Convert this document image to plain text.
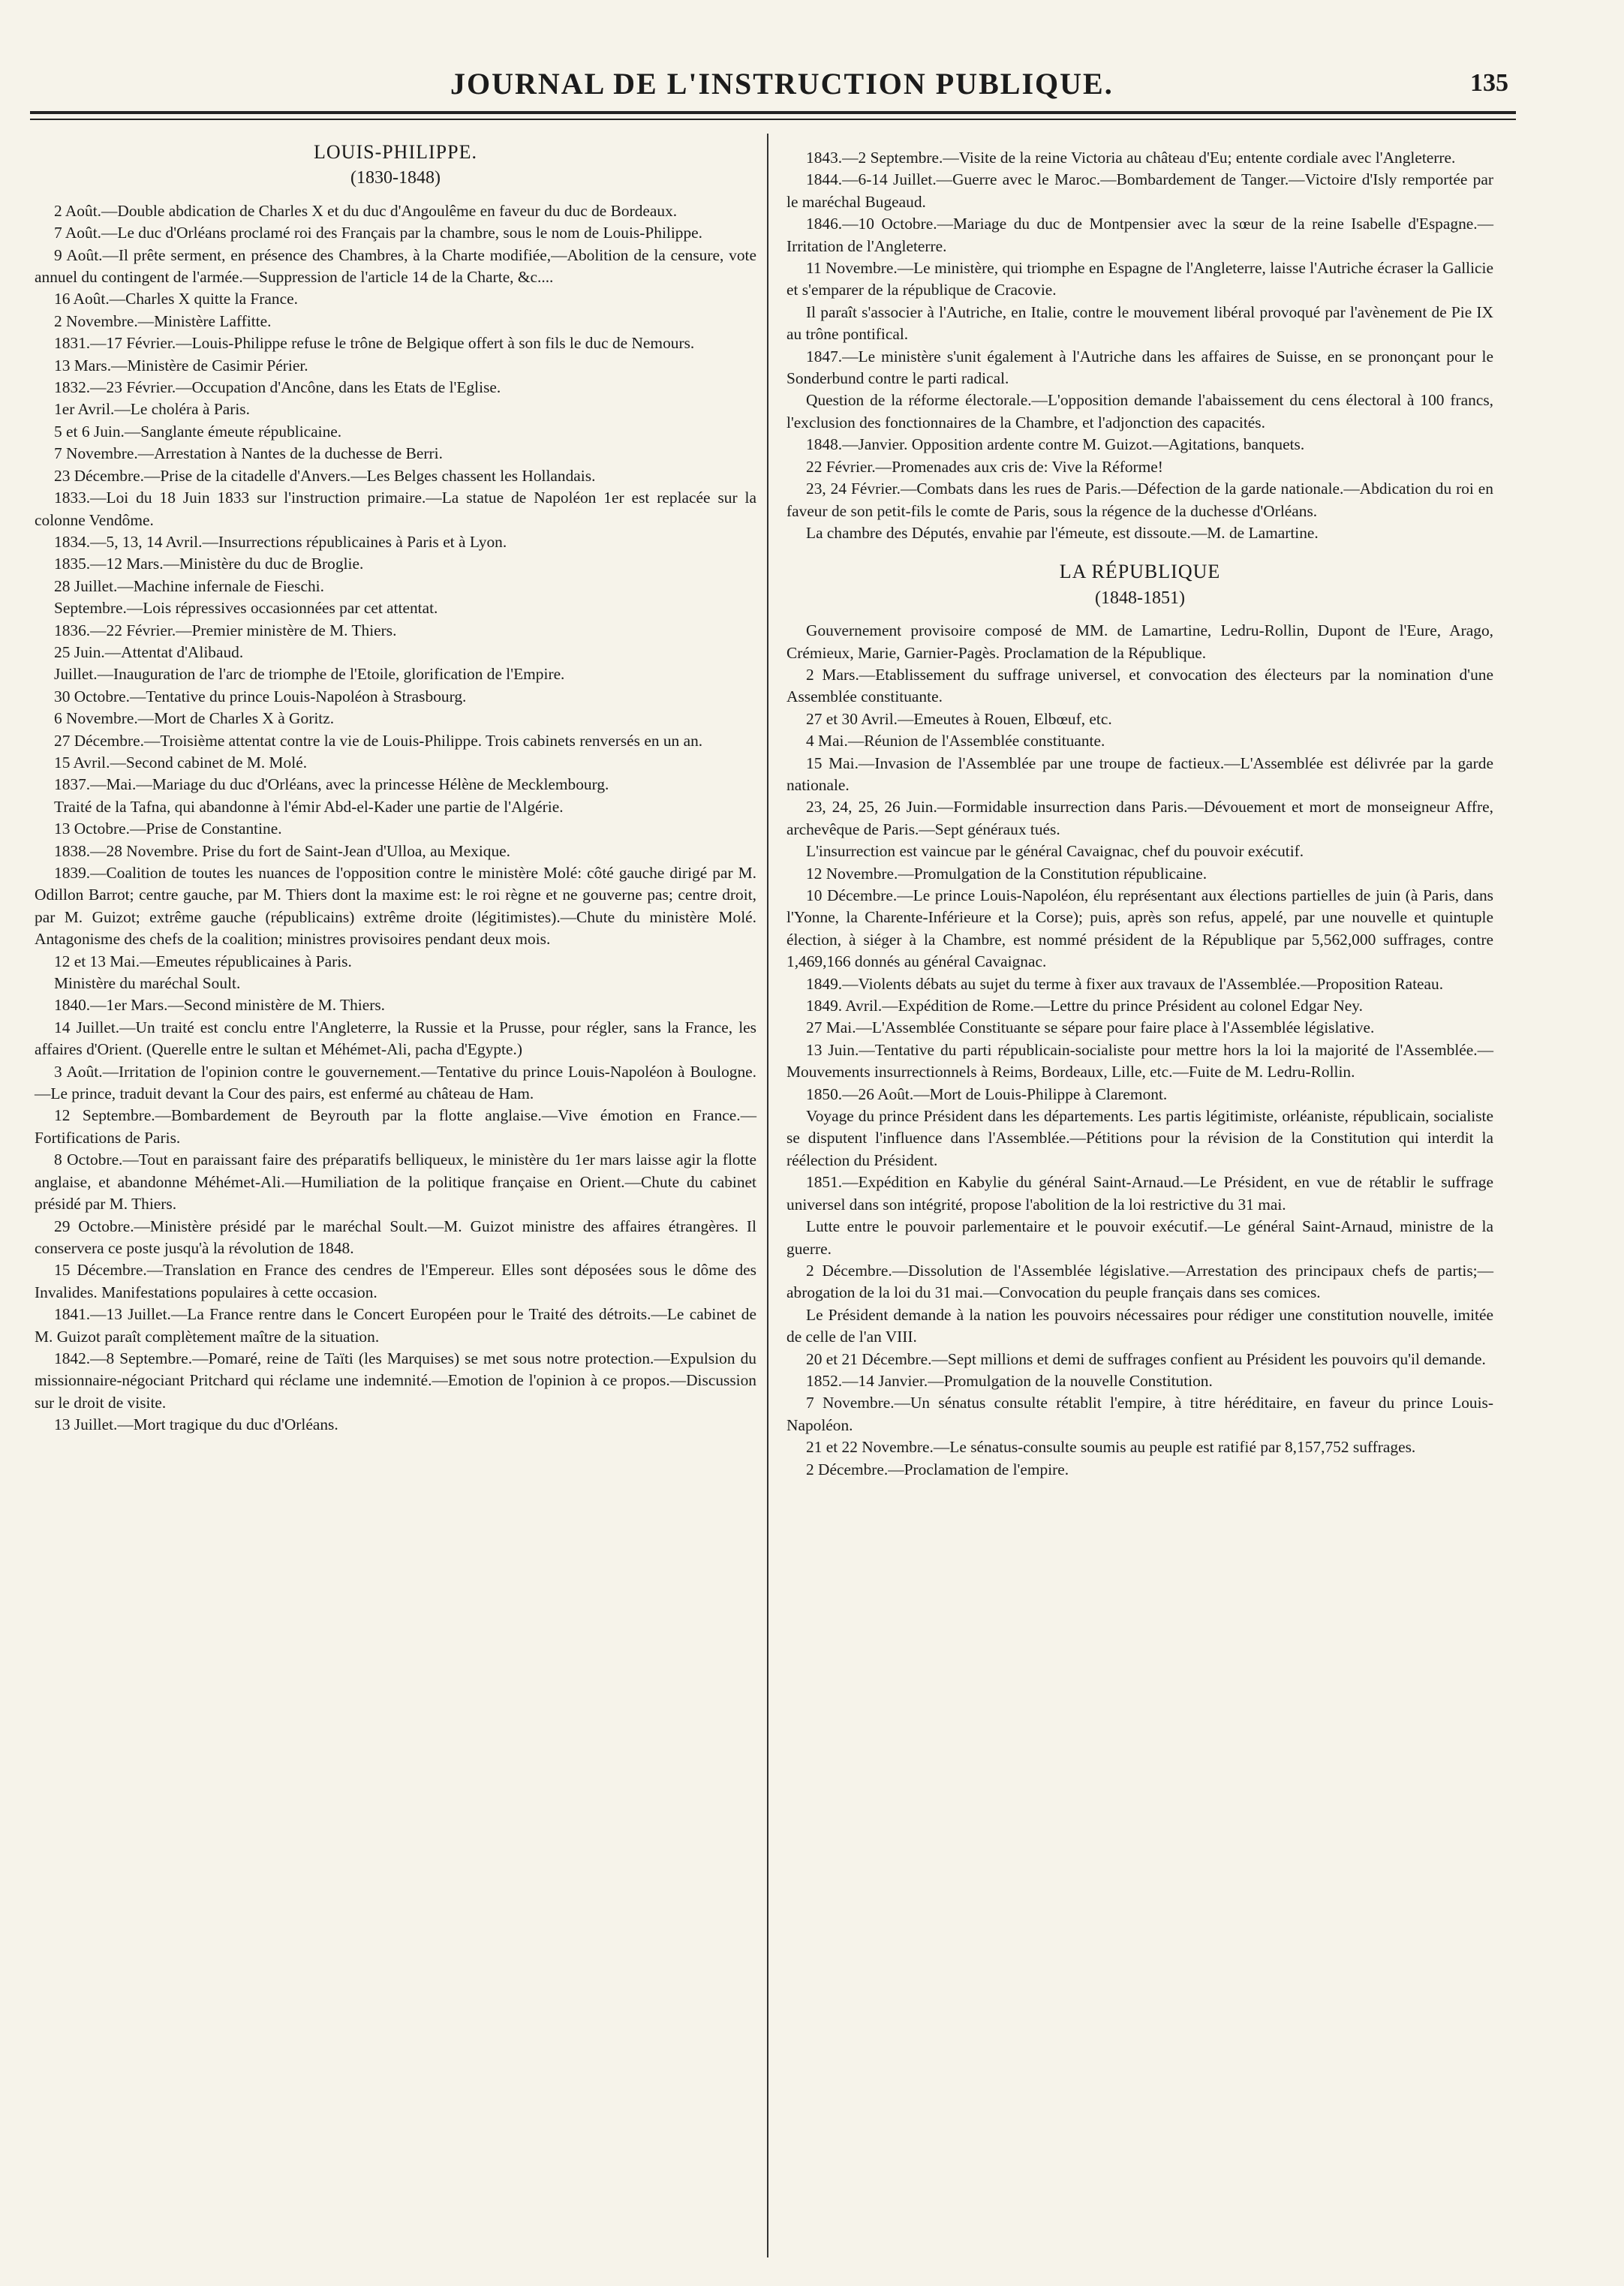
JOURNAL DE L'INSTRUCTION PUBLIQUE.	135
LOUIS-PHILIPPE.
(1830-1848)

2 Août.—Double abdication de Charles X et du duc d'Angoulême en faveur du duc de Bordeaux.

7 Août.—Le duc d'Orléans proclamé roi des Français par la chambre, sous le nom de Louis-Philippe.

9 Août.—Il prête serment, en présence des Chambres, à la Charte modifiée,—Abolition de la censure, vote annuel du contingent de l'armée.—Suppression de l'article 14 de la Charte, &c....

16 Août.—Charles X quitte la France.

2 Novembre.—Ministère Laffitte.

1831.—17 Février.—Louis-Philippe refuse le trône de Belgique offert à son fils le duc de Nemours.

13 Mars.—Ministère de Casimir Périer.

1832.—23 Février.—Occupation d'Ancône, dans les Etats de l'Eglise.

1er Avril.—Le choléra à Paris.

5 et 6 Juin.—Sanglante émeute républicaine.

7 Novembre.—Arrestation à Nantes de la duchesse de Berri.

23 Décembre.—Prise de la citadelle d'Anvers.—Les Belges chassent les Hollandais.

1833.—Loi du 18 Juin 1833 sur l'instruction primaire.—La statue de Napoléon 1er est replacée sur la colonne Vendôme.

1834.—5, 13, 14 Avril.—Insurrections républicaines à Paris et à Lyon.

1835.—12 Mars.—Ministère du duc de Broglie.

28 Juillet.—Machine infernale de Fieschi.

Septembre.—Lois répressives occasionnées par cet attentat.

1836.—22 Février.—Premier ministère de M. Thiers.

25 Juin.—Attentat d'Alibaud.

Juillet.—Inauguration de l'arc de triomphe de l'Etoile, glorification de l'Empire.

30 Octobre.—Tentative du prince Louis-Napoléon à Strasbourg.

6 Novembre.—Mort de Charles X à Goritz.

27 Décembre.—Troisième attentat contre la vie de Louis-Philippe. Trois cabinets renversés en un an.

15 Avril.—Second cabinet de M. Molé.

1837.—Mai.—Mariage du duc d'Orléans, avec la princesse Hélène de Mecklembourg.

Traité de la Tafna, qui abandonne à l'émir Abd-el-Kader une partie de l'Algérie.

13 Octobre.—Prise de Constantine.

1838.—28 Novembre. Prise du fort de Saint-Jean d'Ulloa, au Mexique.

1839.—Coalition de toutes les nuances de l'opposition contre le ministère Molé: côté gauche dirigé par M. Odillon Barrot; centre gauche, par M. Thiers dont la maxime est: le roi règne et ne gouverne pas; centre droit, par M. Guizot; extrême gauche (républicains) extrême droite (légitimistes).—Chute du ministère Molé. Antagonisme des chefs de la coalition; ministres provisoires pendant deux mois.

12 et 13 Mai.—Emeutes républicaines à Paris.

Ministère du maréchal Soult.

1840.—1er Mars.—Second ministère de M. Thiers.

14 Juillet.—Un traité est conclu entre l'Angleterre, la Russie et la Prusse, pour régler, sans la France, les affaires d'Orient. (Querelle entre le sultan et Méhémet-Ali, pacha d'Egypte.)

3 Août.—Irritation de l'opinion contre le gouvernement.—Tentative du prince Louis-Napoléon à Boulogne.—Le prince, traduit devant la Cour des pairs, est enfermé au château de Ham.

12 Septembre.—Bombardement de Beyrouth par la flotte anglaise.—Vive émotion en France.—Fortifications de Paris.

8 Octobre.—Tout en paraissant faire des préparatifs belliqueux, le ministère du 1er mars laisse agir la flotte anglaise, et abandonne Méhémet-Ali.—Humiliation de la politique française en Orient.—Chute du cabinet présidé par M. Thiers.

29 Octobre.—Ministère présidé par le maréchal Soult.—M. Guizot ministre des affaires étrangères. Il conservera ce poste jusqu'à la révolution de 1848.

15 Décembre.—Translation en France des cendres de l'Empereur. Elles sont déposées sous le dôme des Invalides. Manifestations populaires à cette occasion.

1841.—13 Juillet.—La France rentre dans le Concert Européen pour le Traité des détroits.—Le cabinet de M. Guizot paraît complètement maître de la situation.

1842.—8 Septembre.—Pomaré, reine de Taïti (les Marquises) se met sous notre protection.—Expulsion du missionnaire-négociant Pritchard qui réclame une indemnité.—Emotion de l'opinion à ce propos.—Discussion sur le droit de visite.

13 Juillet.—Mort tragique du duc d'Orléans.

1843.—2 Septembre.—Visite de la reine Victoria au château d'Eu; entente cordiale avec l'Angleterre.

1844.—6-14 Juillet.—Guerre avec le Maroc.—Bombardement de Tanger.—Victoire d'Isly remportée par le maréchal Bugeaud.

1846.—10 Octobre.—Mariage du duc de Montpensier avec la sœur de la reine Isabelle d'Espagne.—Irritation de l'Angleterre.

11 Novembre.—Le ministère, qui triomphe en Espagne de l'Angleterre, laisse l'Autriche écraser la Gallicie et s'emparer de la république de Cracovie.

Il paraît s'associer à l'Autriche, en Italie, contre le mouvement libéral provoqué par l'avènement de Pie IX au trône pontifical.

1847.—Le ministère s'unit également à l'Autriche dans les affaires de Suisse, en se prononçant pour le Sonderbund contre le parti radical.

Question de la réforme électorale.—L'opposition demande l'abaissement du cens électoral à 100 francs, l'exclusion des fonctionnaires de la Chambre, et l'adjonction des capacités.

1848.—Janvier. Opposition ardente contre M. Guizot.—Agitations, banquets.

22 Février.—Promenades aux cris de: Vive la Réforme!

23, 24 Février.—Combats dans les rues de Paris.—Défection de la garde nationale.—Abdication du roi en faveur de son petit-fils le comte de Paris, sous la régence de la duchesse d'Orléans.

La chambre des Députés, envahie par l'émeute, est dissoute.—M. de Lamartine.

LA RÉPUBLIQUE
(1848-1851)

Gouvernement provisoire composé de MM. de Lamartine, Ledru-Rollin, Dupont de l'Eure, Arago, Crémieux, Marie, Garnier-Pagès. Proclamation de la République.

2 Mars.—Etablissement du suffrage universel, et convocation des électeurs par la nomination d'une Assemblée constituante.

27 et 30 Avril.—Emeutes à Rouen, Elbœuf, etc.

4 Mai.—Réunion de l'Assemblée constituante.

15 Mai.—Invasion de l'Assemblée par une troupe de factieux.—L'Assemblée est délivrée par la garde nationale.

23, 24, 25, 26 Juin.—Formidable insurrection dans Paris.—Dévouement et mort de monseigneur Affre, archevêque de Paris.—Sept généraux tués.

L'insurrection est vaincue par le général Cavaignac, chef du pouvoir exécutif.

12 Novembre.—Promulgation de la Constitution républicaine.

10 Décembre.—Le prince Louis-Napoléon, élu représentant aux élections partielles de juin (à Paris, dans l'Yonne, la Charente-Inférieure et la Corse); puis, après son refus, appelé, par une nouvelle et quintuple élection, à siéger à la Chambre, est nommé président de la République par 5,562,000 suffrages, contre 1,469,166 donnés au général Cavaignac.

1849.—Violents débats au sujet du terme à fixer aux travaux de l'Assemblée.—Proposition Rateau.

1849. Avril.—Expédition de Rome.—Lettre du prince Président au colonel Edgar Ney.

27 Mai.—L'Assemblée Constituante se sépare pour faire place à l'Assemblée législative.

13 Juin.—Tentative du parti républicain-socialiste pour mettre hors la loi la majorité de l'Assemblée.—Mouvements insurrectionnels à Reims, Bordeaux, Lille, etc.—Fuite de M. Ledru-Rollin.

1850.—26 Août.—Mort de Louis-Philippe à Claremont.

Voyage du prince Président dans les départements. Les partis légitimiste, orléaniste, républicain, socialiste se disputent l'influence dans l'Assemblée.—Pétitions pour la révision de la Constitution qui interdit la réélection du Président.

1851.—Expédition en Kabylie du général Saint-Arnaud.—Le Président, en vue de rétablir le suffrage universel dans son intégrité, propose l'abolition de la loi restrictive du 31 mai.

Lutte entre le pouvoir parlementaire et le pouvoir exécutif.—Le général Saint-Arnaud, ministre de la guerre.

2 Décembre.—Dissolution de l'Assemblée législative.—Arrestation des principaux chefs de partis;—abrogation de la loi du 31 mai.—Convocation du peuple français dans ses comices.

Le Président demande à la nation les pouvoirs nécessaires pour rédiger une constitution nouvelle, imitée de celle de l'an VIII.

20 et 21 Décembre.—Sept millions et demi de suffrages confient au Président les pouvoirs qu'il demande.

1852.—14 Janvier.—Promulgation de la nouvelle Constitution.

7 Novembre.—Un sénatus consulte rétablit l'empire, à titre héréditaire, en faveur du prince Louis-Napoléon.

21 et 22 Novembre.—Le sénatus-consulte soumis au peuple est ratifié par 8,157,752 suffrages.

2 Décembre.—Proclamation de l'empire.
